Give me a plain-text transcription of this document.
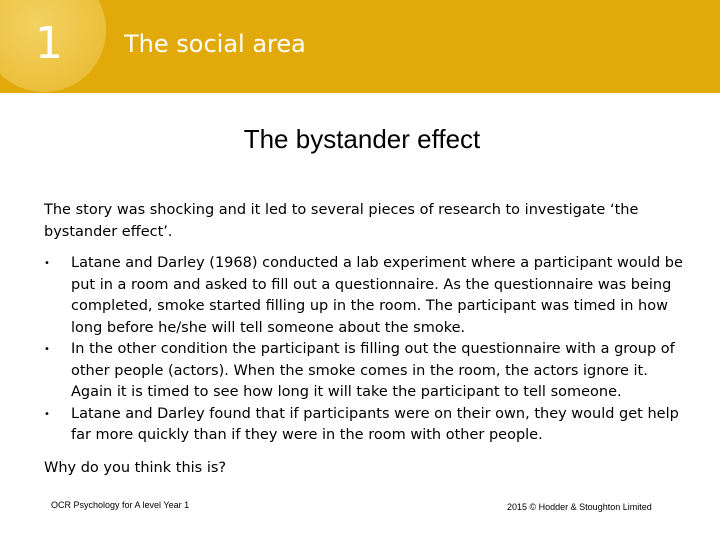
1	The social area
The bystander effect
The story was shocking and it led to several pieces of research to investigate ‘the bystander effect’.
•	Latane and Darley (1968) conducted a lab experiment where a participant would be put in a room and asked to fill out a questionnaire. As the questionnaire was being completed, smoke started filling up in the room. The participant was timed in how long before he/she will tell someone about the smoke.
•	In the other condition the participant is filling out the questionnaire with a group of other people (actors). When the smoke comes in the room, the actors ignore it. Again it is timed to see how long it will take the participant to tell someone.
•	Latane and Darley found that if participants were on their own, they would get help far more quickly than if they were in the room with other people.
Why do you think this is?
OCR Psychology for A level Year 1	2015 © Hodder & Stoughton Limited
